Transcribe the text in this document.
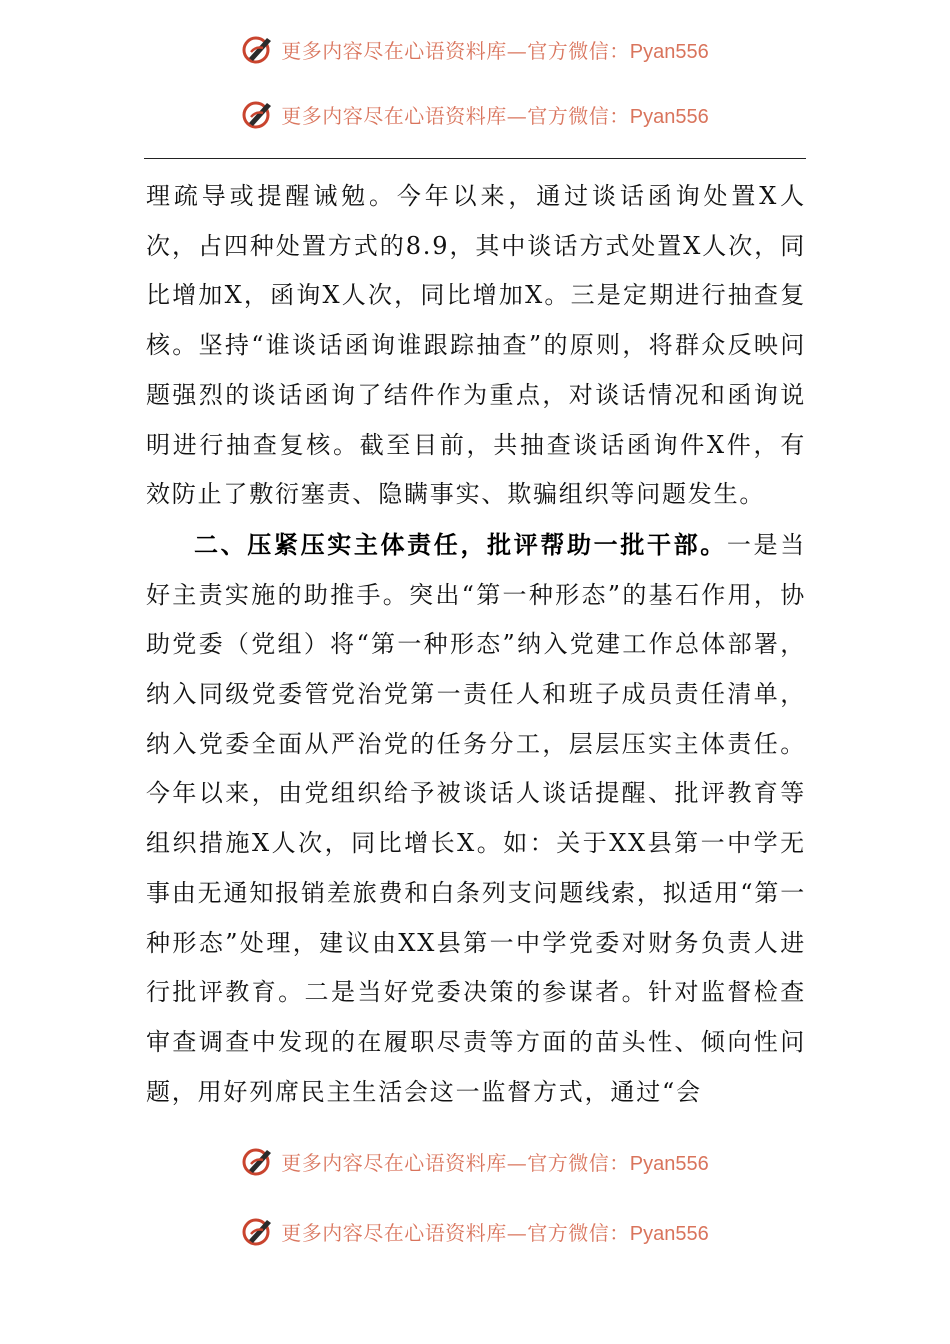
更多内容尽在心语资料库—官方微信：Pyan556
更多内容尽在心语资料库—官方微信：Pyan556

理疏导或提醒诫勉。今年以来，通过谈话函询处置X人次，占四种处置方式的8.9，其中谈话方式处置X人次，同比增加X，函询X人次，同比增加X。三是定期进行抽查复核。坚持“谁谈话函询谁跟踪抽查”的原则，将群众反映问题强烈的谈话函询了结件作为重点，对谈话情况和函询说明进行抽查复核。截至目前，共抽查谈话函询件X件，有效防止了敷衍塞责、隐瞒事实、欺骗组织等问题发生。

二、压紧压实主体责任，批评帮助一批干部。一是当好主责实施的助推手。突出“第一种形态”的基石作用，协助党委（党组）将“第一种形态”纳入党建工作总体部署，纳入同级党委管党治党第一责任人和班子成员责任清单，纳入党委全面从严治党的任务分工，层层压实主体责任。今年以来，由党组织给予被谈话人谈话提醒、批评教育等组织措施X人次，同比增长X。如：关于XX县第一中学无事由无通知报销差旅费和白条列支问题线索，拟适用“第一种形态”处理，建议由XX县第一中学党委对财务负责人进行批评教育。二是当好党委决策的参谋者。针对监督检查审查调查中发现的在履职尽责等方面的苗头性、倾向性问题，用好列席民主生活会这一监督方式，通过“会

更多内容尽在心语资料库—官方微信：Pyan556
更多内容尽在心语资料库—官方微信：Pyan556
